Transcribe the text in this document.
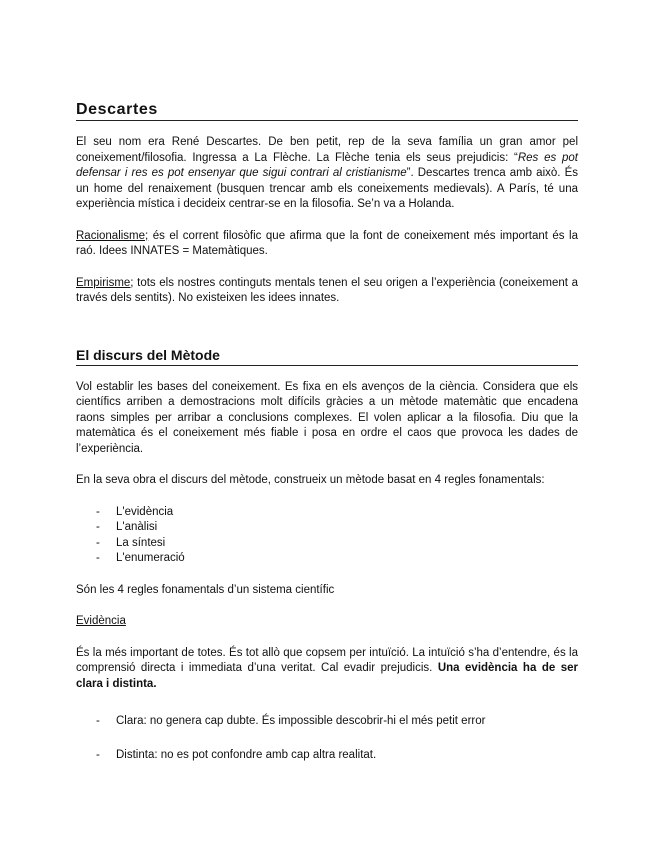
Descartes

El seu nom era René Descartes. De ben petit, rep de la seva família un gran amor pel coneixement/filosofia. Ingressa a La Flèche. La Flèche tenia els seus prejudicis: “Res es pot defensar i res es pot ensenyar que sigui contrari al cristianisme”. Descartes trenca amb això. És un home del renaixement (busquen trencar amb els coneixements medievals). A París, té una experiència mística i decideix centrar-se en la filosofia. Se’n va a Holanda.

Racionalisme; és el corrent filosòfic que afirma que la font de coneixement més important és la raó. Idees INNATES = Matemàtiques.

Empirisme; tots els nostres continguts mentals tenen el seu origen a l’experiència (coneixement a través dels sentits). No existeixen les idees innates.

El discurs del Mètode

Vol establir les bases del coneixement. Es fixa en els avenços de la ciència. Considera que els científics arriben a demostracions molt difícils gràcies a un mètode matemàtic que encadena raons simples per arribar a conclusions complexes. El volen aplicar a la filosofia. Diu que la matemàtica és el coneixement més fiable i posa en ordre el caos que provoca les dades de l’experiència.

En la seva obra el discurs del mètode, construeix un mètode basat en 4 regles fonamentals:

- L'evidència
- L'anàlisi
- La síntesi
- L'enumeració

Són les 4 regles fonamentals d’un sistema científic

Evidència

És la més important de totes. És tot allò que copsem per intuïció. La intuïció s’ha d’entendre, és la comprensió directa i immediata d’una veritat. Cal evadir prejudicis. Una evidència ha de ser clara i distinta.

- Clara: no genera cap dubte. És impossible descobrir-hi el més petit error
- Distinta: no es pot confondre amb cap altra realitat.
